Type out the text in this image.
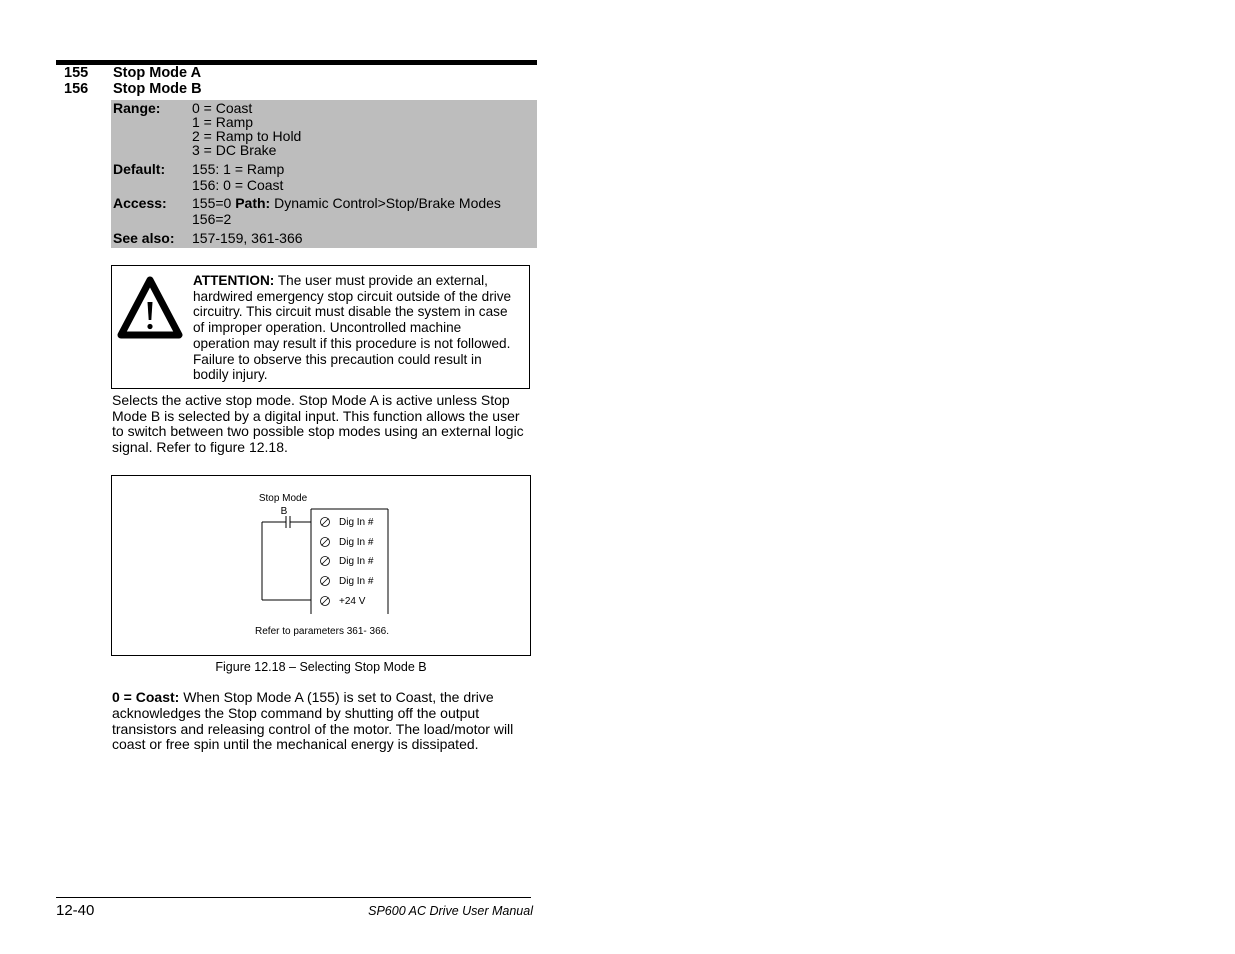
155 Stop Mode A
156 Stop Mode B
Range: 0 = Coast
1 = Ramp
2 = Ramp to Hold
3 = DC Brake
Default: 155: 1 = Ramp
156: 0 = Coast
Access: 155=0 Path: Dynamic Control>Stop/Brake Modes
156=2
See also: 157-159, 361-366
ATTENTION: The user must provide an external, hardwired emergency stop circuit outside of the drive circuitry. This circuit must disable the system in case of improper operation. Uncontrolled machine operation may result if this procedure is not followed. Failure to observe this precaution could result in bodily injury.
Selects the active stop mode. Stop Mode A is active unless Stop Mode B is selected by a digital input. This function allows the user to switch between two possible stop modes using an external logic signal. Refer to figure 12.18.
Stop Mode
B
Dig In #
Dig In #
Dig In #
Dig In #
+24 V
Refer to parameters 361- 366.
Figure 12.18 – Selecting Stop Mode B
0 = Coast: When Stop Mode A (155) is set to Coast, the drive acknowledges the Stop command by shutting off the output transistors and releasing control of the motor. The load/motor will coast or free spin until the mechanical energy is dissipated.
12-40	SP600 AC Drive User Manual
